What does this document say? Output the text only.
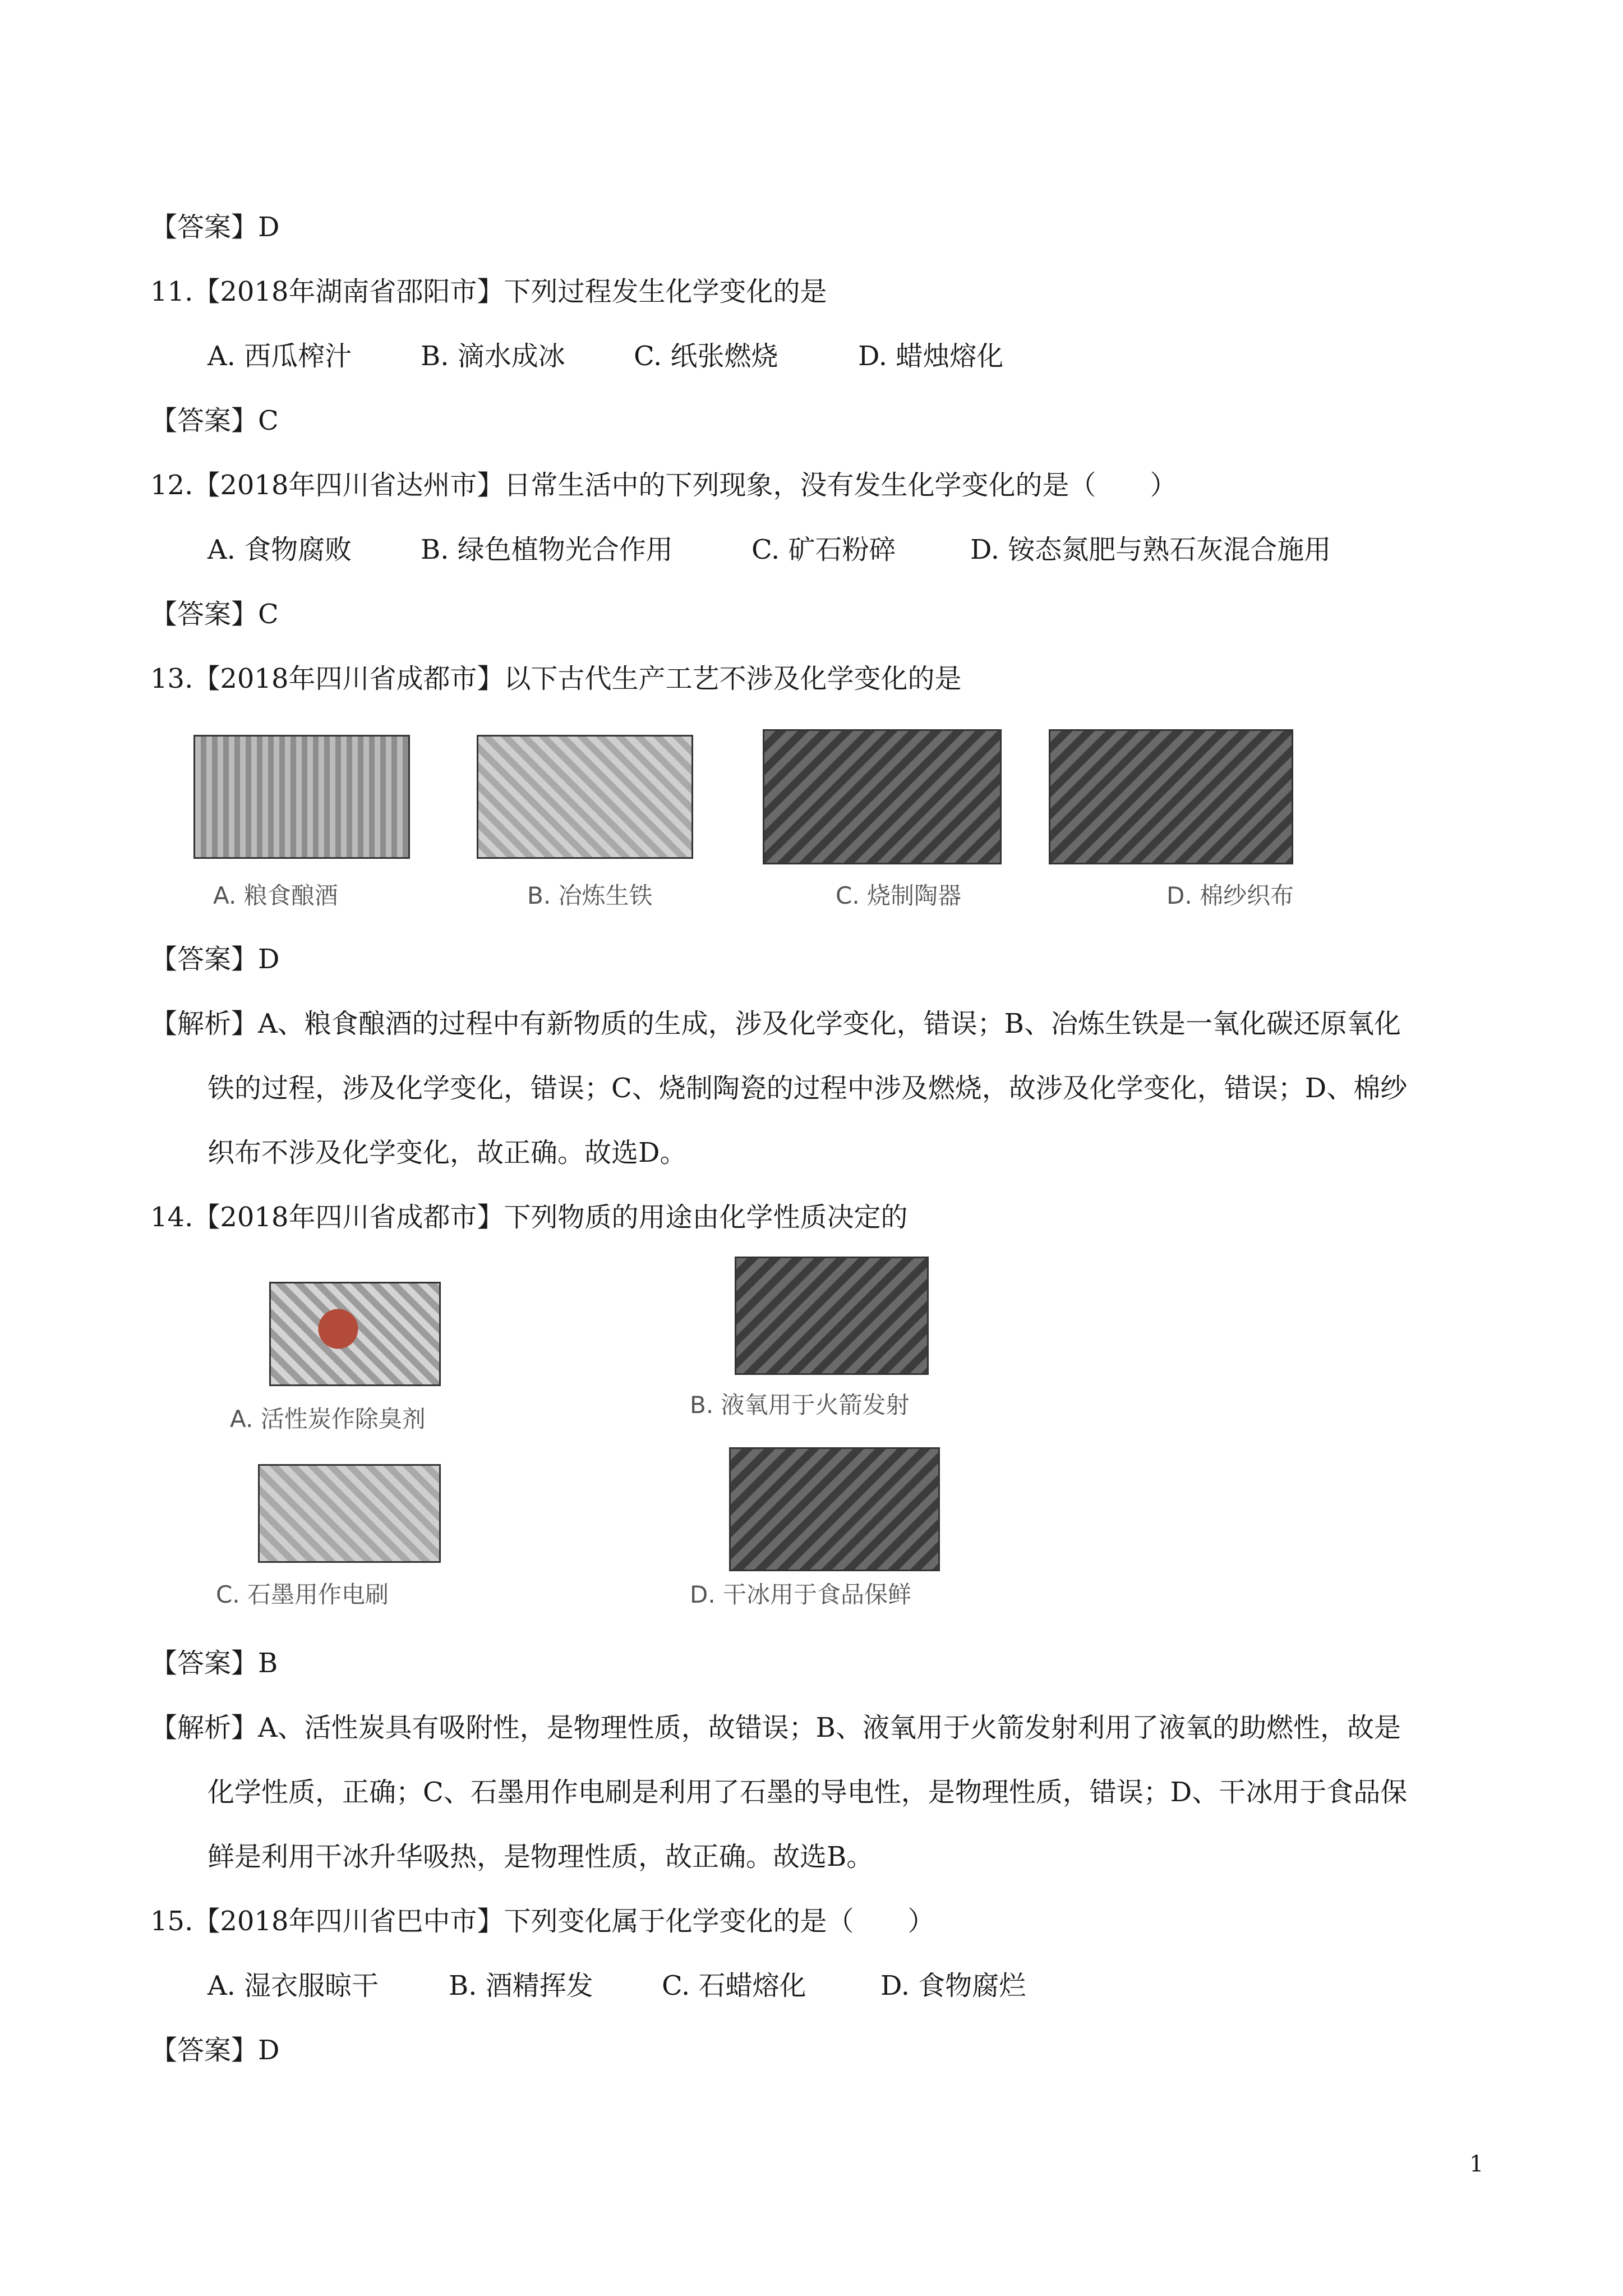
【答案】D
11.【2018年湖南省邵阳市】下列过程发生化学变化的是
A. 西瓜榨汁	B. 滴水成冰	C. 纸张燃烧	D. 蜡烛熔化
【答案】C
12.【2018年四川省达州市】日常生活中的下列现象，没有发生化学变化的是（　　）
A. 食物腐败	B. 绿色植物光合作用	C. 矿石粉碎	D. 铵态氮肥与熟石灰混合施用
【答案】C
13.【2018年四川省成都市】以下古代生产工艺不涉及化学变化的是
A. 粮食酿酒	B. 冶炼生铁	C. 烧制陶器	D. 棉纱织布
【答案】D
【解析】A、粮食酿酒的过程中有新物质的生成，涉及化学变化，错误；B、冶炼生铁是一氧化碳还原氧化
铁的过程，涉及化学变化，错误；C、烧制陶瓷的过程中涉及燃烧，故涉及化学变化，错误；D、棉纱
织布不涉及化学变化，故正确。故选D。
14.【2018年四川省成都市】下列物质的用途由化学性质决定的
A. 活性炭作除臭剂
B. 液氧用于火箭发射
C. 石墨用作电刷	D. 干冰用于食品保鲜
【答案】B
【解析】A、活性炭具有吸附性，是物理性质，故错误；B、液氧用于火箭发射利用了液氧的助燃性，故是
化学性质，正确；C、石墨用作电刷是利用了石墨的导电性，是物理性质，错误；D、干冰用于食品保
鲜是利用干冰升华吸热，是物理性质，故正确。故选B。
15.【2018年四川省巴中市】下列变化属于化学变化的是（　　）
A. 湿衣服晾干	B. 酒精挥发	C. 石蜡熔化	D. 食物腐烂
【答案】D
1
